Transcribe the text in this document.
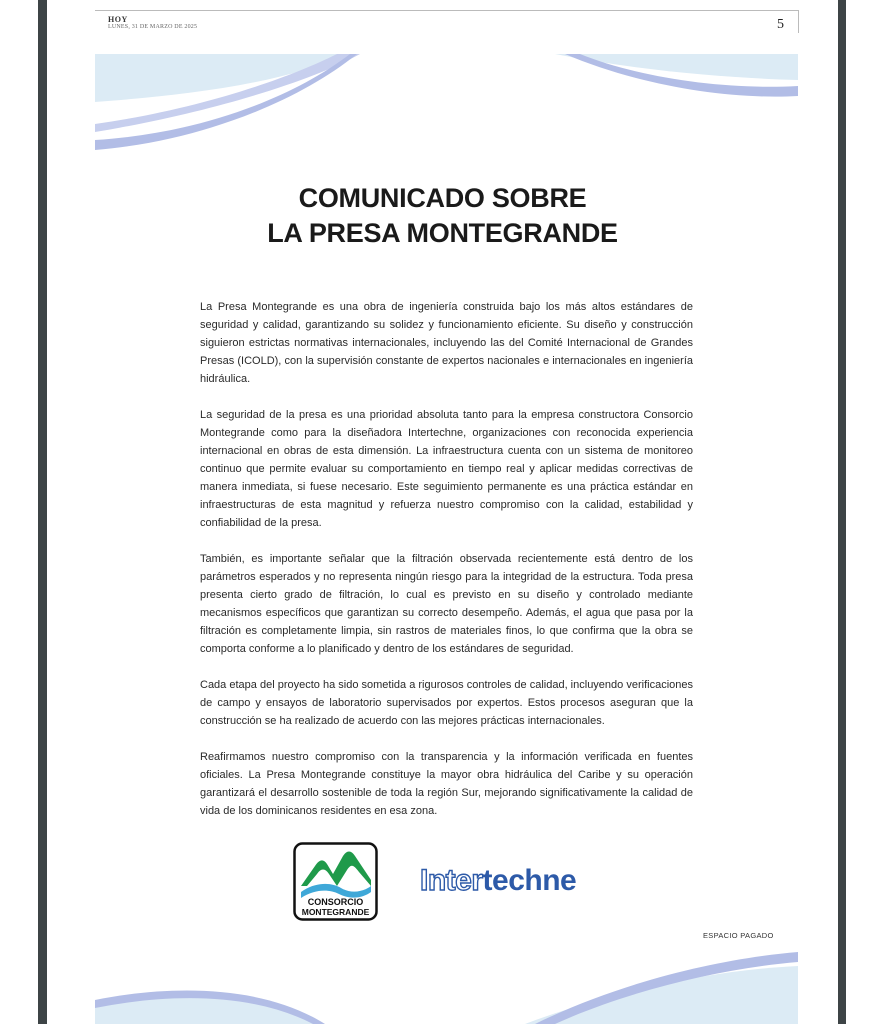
HOY
LUNES, 31 DE MARZO DE 2025	5
COMUNICADO SOBRE
LA PRESA MONTEGRANDE

La Presa Montegrande es una obra de ingeniería construida bajo los más altos estándares de seguridad y calidad, garantizando su solidez y funcionamiento eficiente. Su diseño y construcción siguieron estrictas normativas internacionales, incluyendo las del Comité Internacional de Grandes Presas (ICOLD), con la supervisión constante de expertos nacionales e internacionales en ingeniería hidráulica.

La seguridad de la presa es una prioridad absoluta tanto para la empresa constructora Consorcio Montegrande como para la diseñadora Intertechne, organizaciones con reconocida experiencia internacional en obras de esta dimensión. La infraestructura cuenta con un sistema de monitoreo continuo que permite evaluar su comportamiento en tiempo real y aplicar medidas correctivas de manera inmediata, si fuese necesario. Este seguimiento permanente es una práctica estándar en infraestructuras de esta magnitud y refuerza nuestro compromiso con la calidad, estabilidad y confiabilidad de la presa.

También, es importante señalar que la filtración observada recientemente está dentro de los parámetros esperados y no representa ningún riesgo para la integridad de la estructura. Toda presa presenta cierto grado de filtración, lo cual es previsto en su diseño y controlado mediante mecanismos específicos que garantizan su correcto desempeño. Además, el agua que pasa por la filtración es completamente limpia, sin rastros de materiales finos, lo que confirma que la obra se comporta conforme a lo planificado y dentro de los estándares de seguridad.

Cada etapa del proyecto ha sido sometida a rigurosos controles de calidad, incluyendo verificaciones de campo y ensayos de laboratorio supervisados por expertos. Estos procesos aseguran que la construcción se ha realizado de acuerdo con las mejores prácticas internacionales.

Reafirmamos nuestro compromiso con la transparencia y la información verificada en fuentes oficiales. La Presa Montegrande constituye la mayor obra hidráulica del Caribe y su operación garantizará el desarrollo sostenible de toda la región Sur, mejorando significativamente la calidad de vida de los dominicanos residentes en esa zona.

CONSORCIO
MONTEGRANDE
Intertechne
ESPACIO PAGADO
